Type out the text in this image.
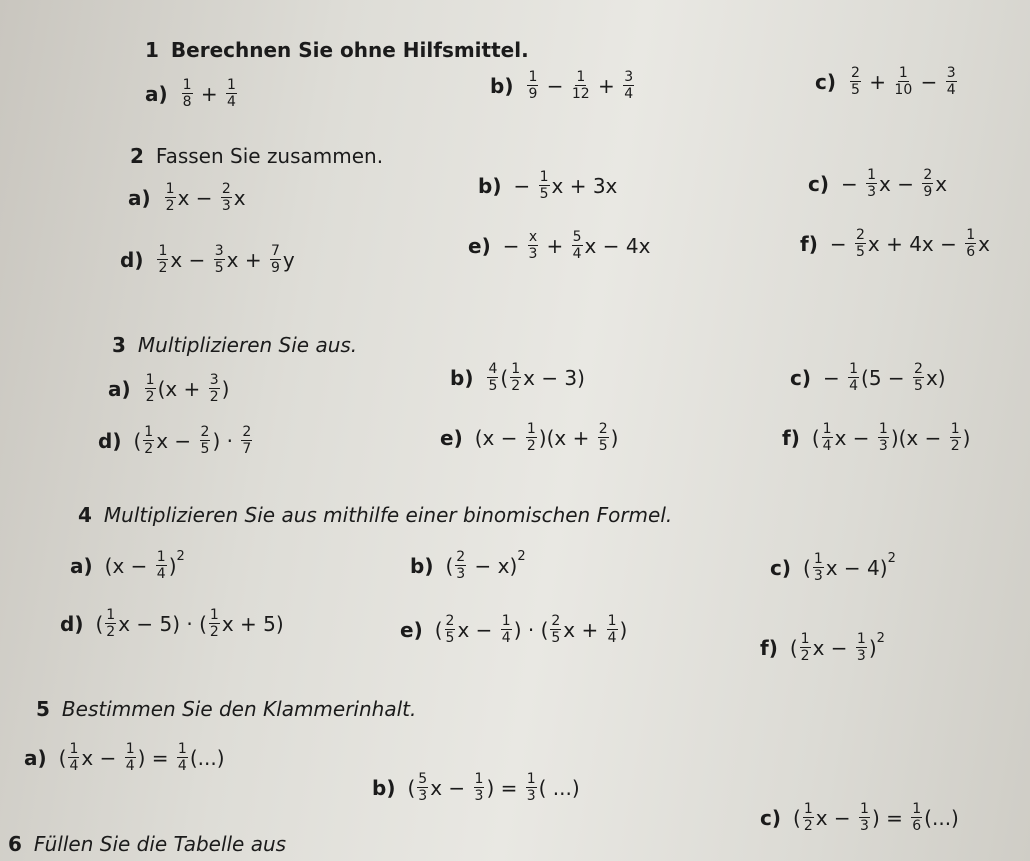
1 Berechnen Sie ohne Hilfsmittel.
$a) \frac{1}{8} + \frac{1}{4}$	$b) \frac{1}{9} - \frac{1}{12} + \frac{3}{4}$	$c) \frac{2}{5} + \frac{1}{10} - \frac{3}{4}$
2 Fassen Sie zusammen.
$a) \frac{1}{2}$ $x - \frac{2}{3}$ x	$b) - \frac{1}{5}$ x + 3x	$c) - \frac{1}{3}$ $x - \frac{2}{9}$ x
$d) \frac{1}{2}$ $x - \frac{3}{5}$ $x + \frac{7}{9}$ y
$e) - \frac{x}{3} + \frac{5}{4}$ x − 4x	$f) - \frac{2}{5}$ $x + 4x - \frac{1}{6}$ x
3 Multiplizieren Sie aus.
$a) \frac{1}{2} (x + \frac{3}{2}$ )	$b) \frac{4}{5}$ ( $\frac{1}{2}$ x − 3)	$c) - \frac{1}{4} (5 - \frac{2}{5} x)$
d) ( $\frac{1}{2}$ $x - \frac{2}{5}$ ) · $\frac{2}{7}$	e) $(x - \frac{1}{2} )(x + \frac{2}{5}$ )	f) ( $\frac{1}{4}$ $x - \frac{1}{3} )(x - \frac{1}{2}$ )
4 Multiplizieren Sie aus mithilfe einer binomischen Formel.
a) ($x - \frac{1}{4}$ ) 2	b) ( $\frac{2}{3} - x$) 2	c) ( $\frac{1}{3}$ x − 4) 2
d) ( $\frac{1}{2}$ x − 5) · ( $\frac{1}{2}$ x + 5)	e) ( $\frac{2}{5}$ $x - \frac{1}{4}$ ) · ( $\frac{2}{5}$ $x + \frac{1}{4}$ )
f) ( $\frac{1}{2}$ $x - \frac{1}{3}$ ) 2
5 Bestimmen Sie den Klammerinhalt.
a) ( $\frac{1}{4}$ $x - \frac{1}{4}$ ) = $\frac{1}{4}$ (...)
b) ( $\frac{5}{3}$ $x - \frac{1}{3}$ ) = $\frac{1}{3}$ ( ...)
c) ( $\frac{1}{2}$ $x - \frac{1}{3}$ ) = $\frac{1}{6}$ (...)
6 Füllen Sie die Tabelle aus
